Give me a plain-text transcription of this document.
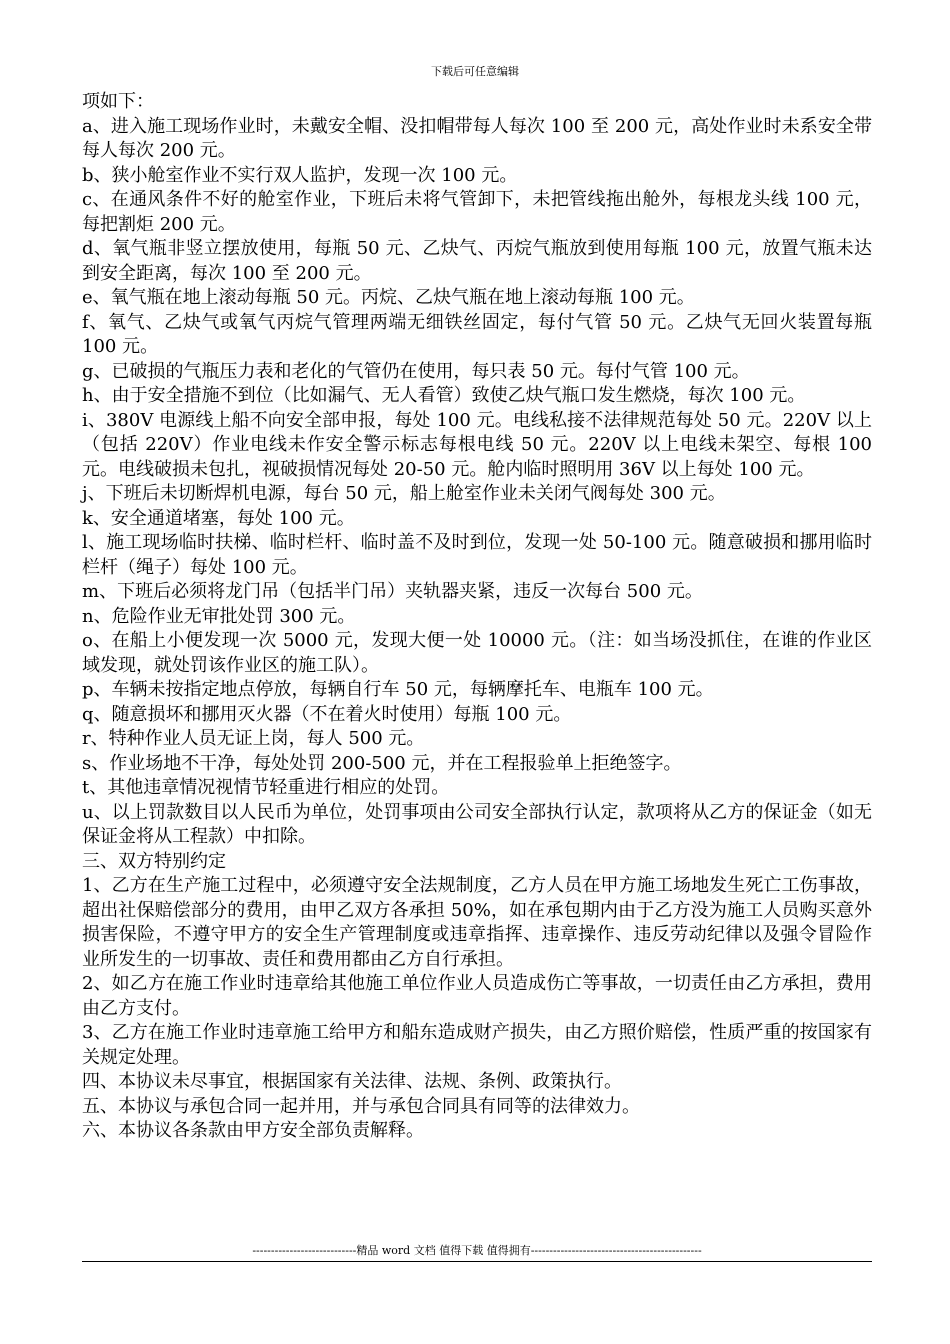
下载后可任意编辑

项如下：

a、进入施工现场作业时，未戴安全帽、没扣帽带每人每次 100 至 200 元，高处作业时未系安全带每人每次 200 元。

b、狭小舱室作业不实行双人监护，发现一次 100 元。

c、在通风条件不好的舱室作业，下班后未将气管卸下，未把管线拖出舱外，每根龙头线 100 元，每把割炬 200 元。

d、氧气瓶非竖立摆放使用，每瓶 50 元、乙炔气、丙烷气瓶放到使用每瓶 100 元，放置气瓶未达到安全距离，每次 100 至 200 元。

e、氧气瓶在地上滚动每瓶 50 元。丙烷、乙炔气瓶在地上滚动每瓶 100 元。

f、氧气、乙炔气或氧气丙烷气管理两端无细铁丝固定，每付气管 50 元。乙炔气无回火装置每瓶 100 元。

g、已破损的气瓶压力表和老化的气管仍在使用，每只表 50 元。每付气管 100 元。

h、由于安全措施不到位（比如漏气、无人看管）致使乙炔气瓶口发生燃烧，每次 100 元。

i、380V 电源线上船不向安全部申报，每处 100 元。电线私接不法律规范每处 50 元。220V 以上（包括 220V）作业电线未作安全警示标志每根电线 50 元。220V 以上电线未架空、每根 100 元。电线破损未包扎，视破损情况每处 20-50 元。舱内临时照明用 36V 以上每处 100 元。

j、下班后未切断焊机电源，每台 50 元，船上舱室作业未关闭气阀每处 300 元。

k、安全通道堵塞，每处 100 元。

l、施工现场临时扶梯、临时栏杆、临时盖不及时到位，发现一处 50-100 元。随意破损和挪用临时栏杆（绳子）每处 100 元。

m、下班后必须将龙门吊（包括半门吊）夹轨器夹紧，违反一次每台 500 元。

n、危险作业无审批处罚 300 元。

o、在船上小便发现一次 5000 元，发现大便一处 10000 元。（注：如当场没抓住，在谁的作业区域发现，就处罚该作业区的施工队）。

p、车辆未按指定地点停放，每辆自行车 50 元，每辆摩托车、电瓶车 100 元。

q、随意损坏和挪用灭火器（不在着火时使用）每瓶 100 元。

r、特种作业人员无证上岗，每人 500 元。

s、作业场地不干净，每处处罚 200-500 元，并在工程报验单上拒绝签字。

t、其他违章情况视情节轻重进行相应的处罚。

u、以上罚款数目以人民币为单位，处罚事项由公司安全部执行认定，款项将从乙方的保证金（如无保证金将从工程款）中扣除。

三、双方特别约定

1、乙方在生产施工过程中，必须遵守安全法规制度，乙方人员在甲方施工场地发生死亡工伤事故，超出社保赔偿部分的费用，由甲乙双方各承担 50%，如在承包期内由于乙方没为施工人员购买意外损害保险，不遵守甲方的安全生产管理制度或违章指挥、违章操作、违反劳动纪律以及强令冒险作业所发生的一切事故、责任和费用都由乙方自行承担。

2、如乙方在施工作业时违章给其他施工单位作业人员造成伤亡等事故，一切责任由乙方承担，费用由乙方支付。

3、乙方在施工作业时违章施工给甲方和船东造成财产损失，由乙方照价赔偿，性质严重的按国家有关规定处理。

四、本协议未尽事宜，根据国家有关法律、法规、条例、政策执行。

五、本协议与承包合同一起并用，并与承包合同具有同等的法律效力。

六、本协议各条款由甲方安全部负责解释。

----------------------------精品 word 文档 值得下载 值得拥有----------------------------------------------
